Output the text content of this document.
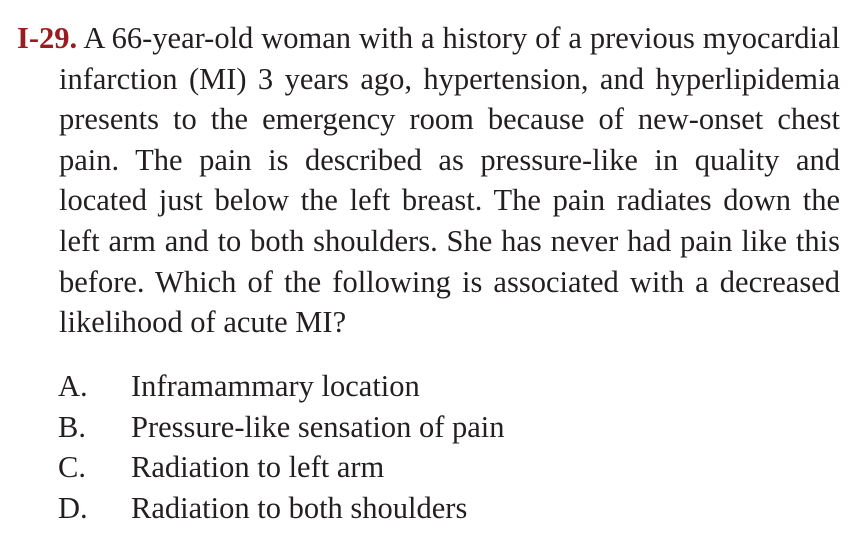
I-29. A 66-year-old woman with a history of a previous myocardial infarction (MI) 3 years ago, hypertension, and hyperlipidemia presents to the emergency room because of new-onset chest pain. The pain is described as pressure-like in quality and located just below the left breast. The pain radiates down the left arm and to both shoulders. She has never had pain like this before. Which of the following is associated with a decreased likelihood of acute MI?
A.	Inframammary location
B.	Pressure-like sensation of pain
C.	Radiation to left arm
D.	Radiation to both shoulders
